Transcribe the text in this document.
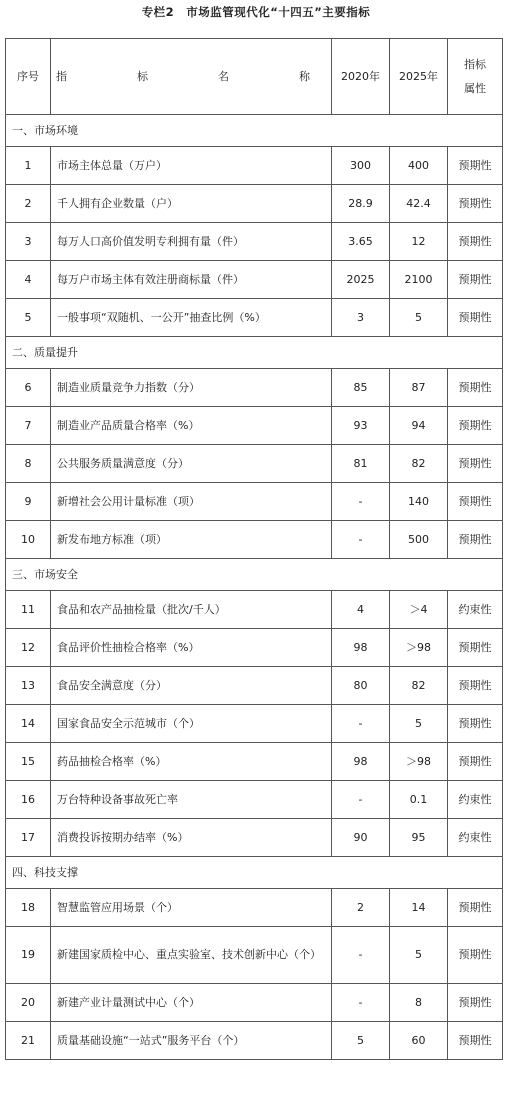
专栏2　市场监管现代化“十四五”主要指标
序号	指　　标　　名　　称	2020年	2025年	指标
属性

一、市场环境				
1	市场主体总量（万户）	300	400	预期性
2	千人拥有企业数量（户）	28.9	42.4	预期性
3	每万人口高价值发明专利拥有量（件）	3.65	12	预期性
4	每万户市场主体有效注册商标量（件）	2025	2100	预期性
5	一般事项“双随机、一公开”抽查比例（%）	3	5	预期性
二、质量提升				
6	制造业质量竞争力指数（分）	85	87	预期性
7	制造业产品质量合格率（%）	93	94	预期性
8	公共服务质量满意度（分）	81	82	预期性
9	新增社会公用计量标准（项）	-	140	预期性
10	新发布地方标准（项）	-	500	预期性
三、市场安全				
11	食品和农产品抽检量（批次/千人）	4	＞4	约束性
12	食品评价性抽检合格率（%）	98	＞98	预期性
13	食品安全满意度（分）	80	82	预期性
14	国家食品安全示范城市（个）	-	5	预期性
15	药品抽检合格率（%）	98	＞98	预期性
16	万台特种设备事故死亡率	-	0.1	约束性
17	消费投诉按期办结率（%）	90	95	约束性
四、科技支撑				
18	智慧监管应用场景（个）	2	14	预期性
19	新建国家质检中心、重点实验室、技术创新中心（个）	-	5	预期性
20	新建产业计量测试中心（个）	-	8	预期性
21	质量基础设施“一站式”服务平台（个）	5	60	预期性
